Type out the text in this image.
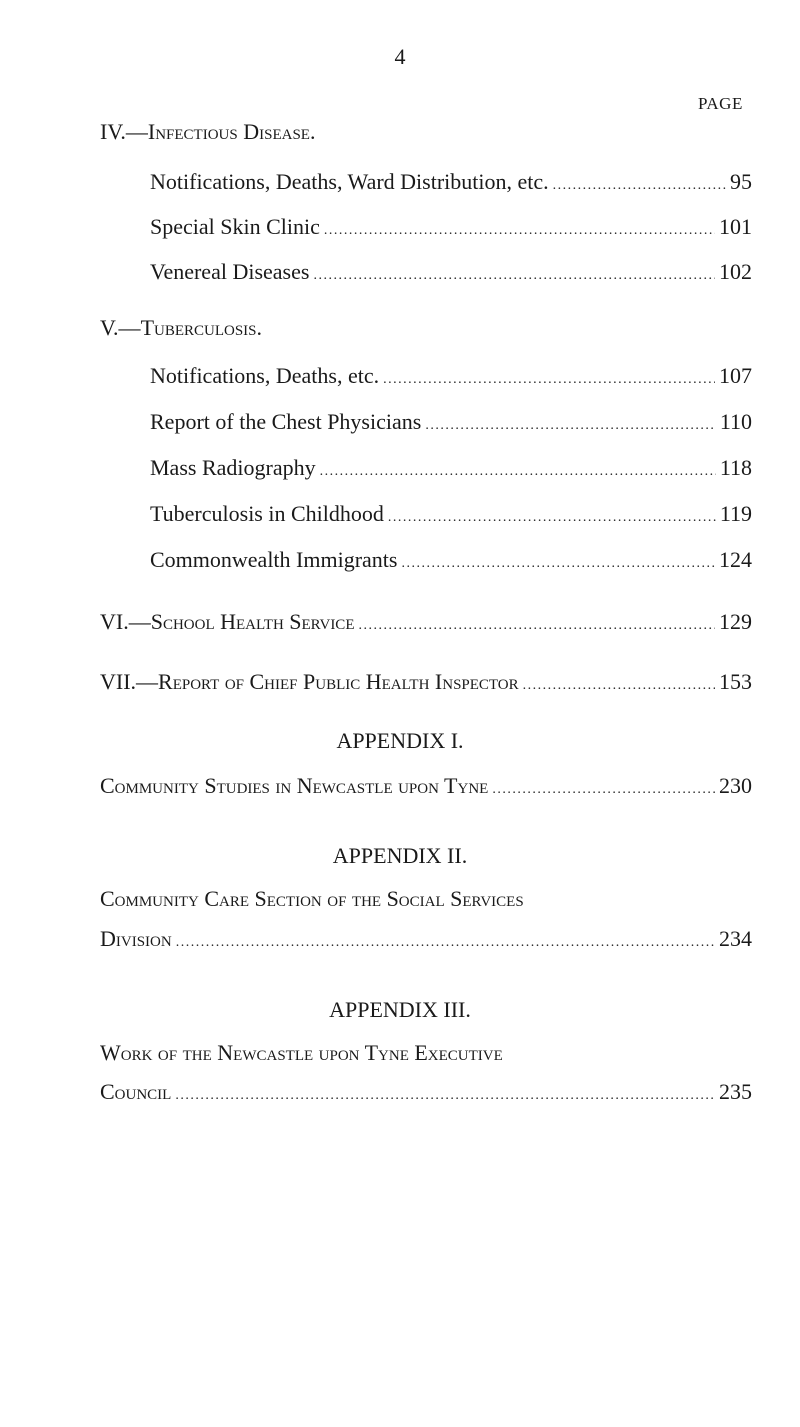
4
PAGE
IV.—Infectious Disease.
Notifications, Deaths, Ward Distribution, etc. . . .	95
Special Skin Clinic . . .	101
Venereal Diseases . . .	102
V.—Tuberculosis.
Notifications, Deaths, etc. . . .	107
Report of the Chest Physicians . . .	110
Mass Radiography . . .	118
Tuberculosis in Childhood . . .	119
Commonwealth Immigrants . . .	124
VI.—School Health Service . . .	129
VII.—Report of Chief Public Health Inspector . . .	153
APPENDIX I.
Community Studies in Newcastle upon Tyne . . .	230
APPENDIX II.
Community Care Section of the Social Services
Division . . .	234
APPENDIX III.
Work of the Newcastle upon Tyne Executive
Council . . .	235
